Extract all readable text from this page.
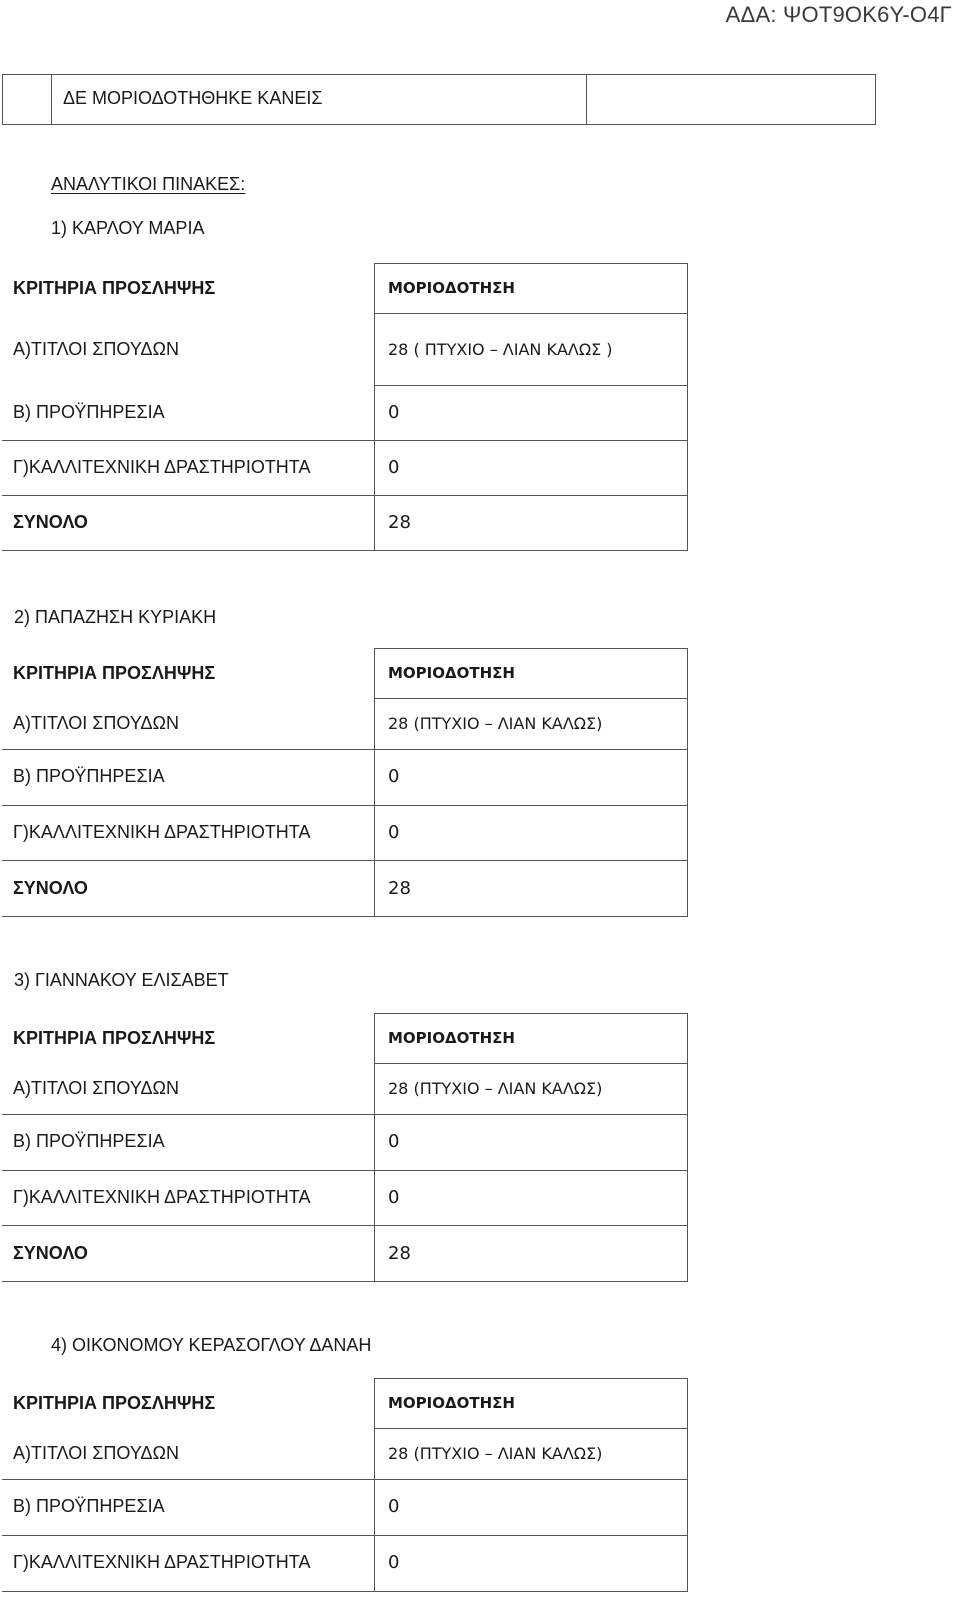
ΑΔΑ: ΨΟΤ9ΟΚ6Υ-Ο4Γ
ΔΕ ΜΟΡΙΟΔΟΤΗΘΗΚΕ ΚΑΝΕΙΣ
ΑΝΑΛΥΤΙΚΟΙ ΠΙΝΑΚΕΣ:
1) ΚΑΡΛΟΥ ΜΑΡΙΑ
ΚΡΙΤΗΡΙΑ ΠΡΟΣΛΗΨΗΣ	ΜΟΡΙΟΔΟΤΗΣΗ
Α)ΤΙΤΛΟΙ ΣΠΟΥΔΩΝ	28 ( ΠΤΥΧΙΟ – ΛΙΑΝ ΚΑΛΩΣ )
Β) ΠΡΟΫΠΗΡΕΣΙΑ	0
Γ)ΚΑΛΛΙΤΕΧΝΙΚΗ ΔΡΑΣΤΗΡΙΟΤΗΤΑ	0
ΣΥΝΟΛΟ	28
2) ΠΑΠΑΖΗΣΗ ΚΥΡΙΑΚΗ
ΚΡΙΤΗΡΙΑ ΠΡΟΣΛΗΨΗΣ	ΜΟΡΙΟΔΟΤΗΣΗ
Α)ΤΙΤΛΟΙ ΣΠΟΥΔΩΝ	28 (ΠΤΥΧΙΟ – ΛΙΑΝ ΚΑΛΩΣ)
Β) ΠΡΟΫΠΗΡΕΣΙΑ	0
Γ)ΚΑΛΛΙΤΕΧΝΙΚΗ ΔΡΑΣΤΗΡΙΟΤΗΤΑ	0
ΣΥΝΟΛΟ	28
3) ΓΙΑΝΝΑΚΟΥ ΕΛΙΣΑΒΕΤ
ΚΡΙΤΗΡΙΑ ΠΡΟΣΛΗΨΗΣ	ΜΟΡΙΟΔΟΤΗΣΗ
Α)ΤΙΤΛΟΙ ΣΠΟΥΔΩΝ	28 (ΠΤΥΧΙΟ – ΛΙΑΝ ΚΑΛΩΣ)
Β) ΠΡΟΫΠΗΡΕΣΙΑ	0
Γ)ΚΑΛΛΙΤΕΧΝΙΚΗ ΔΡΑΣΤΗΡΙΟΤΗΤΑ	0
ΣΥΝΟΛΟ	28
4) ΟΙΚΟΝΟΜΟΥ ΚΕΡΑΣΟΓΛΟΥ ΔΑΝΑΗ
ΚΡΙΤΗΡΙΑ ΠΡΟΣΛΗΨΗΣ	ΜΟΡΙΟΔΟΤΗΣΗ
Α)ΤΙΤΛΟΙ ΣΠΟΥΔΩΝ	28 (ΠΤΥΧΙΟ – ΛΙΑΝ ΚΑΛΩΣ)
Β) ΠΡΟΫΠΗΡΕΣΙΑ	0
Γ)ΚΑΛΛΙΤΕΧΝΙΚΗ ΔΡΑΣΤΗΡΙΟΤΗΤΑ	0
